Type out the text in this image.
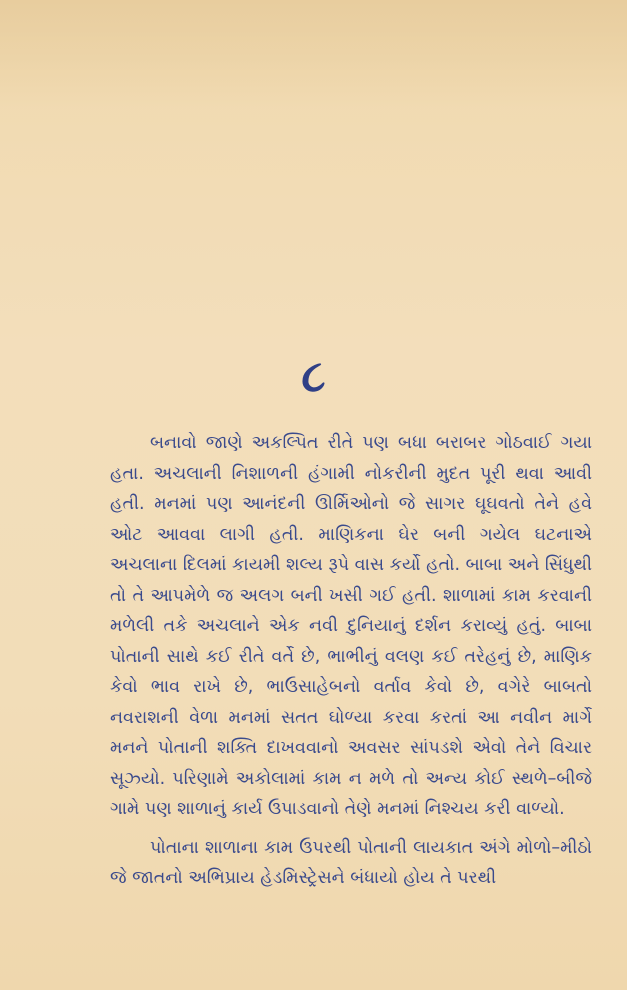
૮

બનાવો જાણે અકલ્પિત રીતે પણ બધા બરાબર ગોઠવાઈ ગયા હતા. અચલાની નિશાળની હંગામી નોકરીની મુદત પૂરી થવા આવી હતી. મનમાં પણ આનંદની ઊર્મિઓનો જે સાગર ઘૂઘવતો તેને હવે ઓટ આવવા લાગી હતી. માણિકના ઘેર બની ગયેલ ઘટનાએ અચલાના દિલમાં કાયમી શલ્ય રૂપે વાસ કર્યો હતો. બાબા અને સિંધુથી તો તે આપમેળે જ અલગ બની ખસી ગઈ હતી. શાળામાં કામ કરવાની મળેલી તકે અચલાને એક નવી દુનિયાનું દર્શન કરાવ્યું હતું. બાબા પોતાની સાથે કઈ રીતે વર્તે છે, ભાભીનું વલણ કઈ તરેહનું છે, માણિક કેવો ભાવ રાખે છે, ભાઉસાહેબનો વર્તાવ કેવો છે, વગેરે બાબતો નવરાશની વેળા મનમાં સતત ઘોળ્યા કરવા કરતાં આ નવીન માર્ગે મનને પોતાની શક્તિ દાખવવાનો અવસર સાંપડશે એવો તેને વિચાર સૂઝ્યો. પરિણામે અકોલામાં કામ ન મળે તો અન્ય કોઈ સ્થળે–બીજે ગામે પણ શાળાનું કાર્ય ઉપાડવાનો તેણે મનમાં નિશ્ચય કરી વાળ્યો.

પોતાના શાળાના કામ ઉપરથી પોતાની લાયકાત અંગે મોળો–મીઠો જે જાતનો અભિપ્રાય હેડમિસ્ટ્રેસને બંધાયો હોય તે પરથી
